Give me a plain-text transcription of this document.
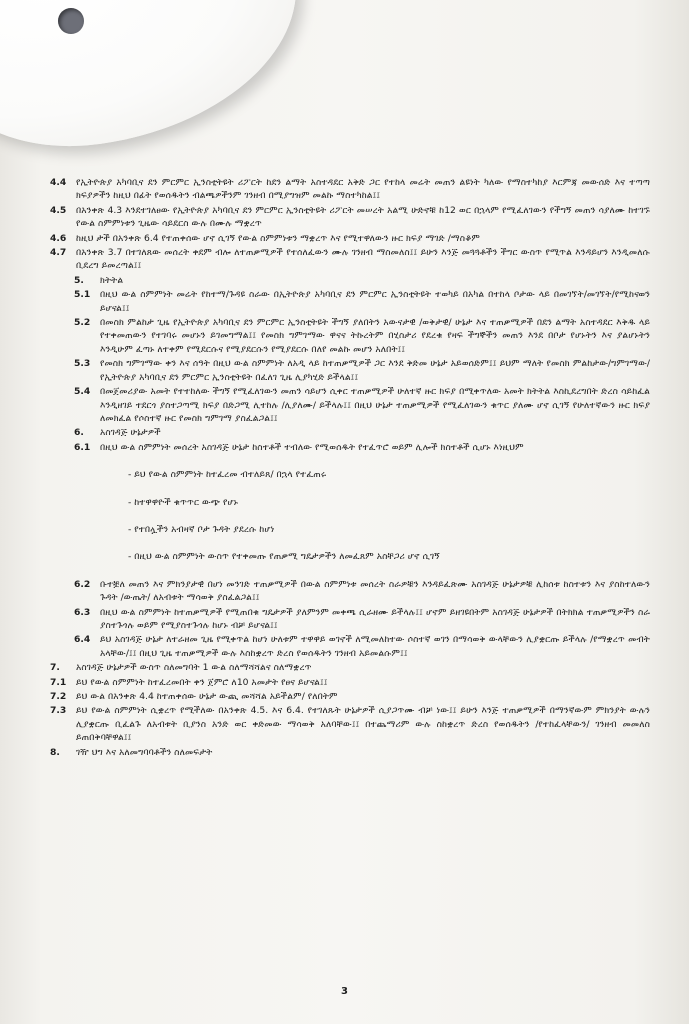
4.4	የኢትዮጵያ አካባቢና ደን ምርምር ኢንስቲትዩት ሪፖርት ከደን ልማት አስተዳደር አቅድ ጋር የተከላ መሬት መጠን ልዩነት ካለው የማስተካከያ እርምጃ መውሰድ እና ተጣጣ ክፍያዎችን ከዚህ በፊት የወሰዱትን ብልጫዎችንም ገንዘብ በሚያግዝም መልኩ ማስተካከል፤፤
4.5	በአንቀጽ 4.3 እንደተገለፀው የኢትዮጵያ አካባቢና ደን ምርምር ኢንስቲትዩት ሪፖርት መሠረት አልሚ ሁድኖቹ ከ12 ወር በኋላም የሚፈለገውን የችግኝ መጠን ሳያለሙ ከተገኙ የውል ስምምነቱን ጊዜው ሳይደርስ ውሉ በሙሉ ማቋረጥ
4.6	ከዚህ ታች በአንቀጽ 6.4 የተጠቀሰው ሆኖ ሲገኝ የውል ስምምነቱን ማቋረጥ እና የሚተዋለውን ዙር ክፍያ ማገድ /ማስቆም
4.7	በአንቀጽ 3.7 በተገለጸው መሰረት ቀደም ብሎ ለተጠቃሚዎች የተሰለፈውን ሙሉ ገንዘብ ማስመለስ፤፤ ይሁን እንጅ መጓጓቶችን ችግር ውስጥ የሚጥል እንዳይሆን እንዲመለሱ ቢደረግ ይመረጣል፤፤
5.	ክትትል
5.1	በዚህ ውል ስምምነት መሬት የከተማ/ጉዳዩ ስራው በኢትዮጵያ አካባቢና ደን ምርምር ኢንስቲትዩት ተወካይ በአካል በተከላ ቦታው ላይ በመገኘት/መገኘት/የሚከናወን ይሆናል፤፤
5.2	በመስክ ምልከታ ጊዜ የኢትዮጵያ አካባቢና ደን ምርምር ኢንስቲትዩት ችግኝ ያለበትን አውናታዊ /ወቅታዊ/ ሁኔታ እና ተጠቃሚዎች በደን ልማት አስተዳደር እቅዱ ላይ የተቀመጠውን የተገባሩ መሆኑን ይገመግማል፤፤ የመስክ ግምገማው ዋናና ትኩረትም በሂስታሪ የደረቁ የዛፍ ችግኞችን መጠን እንደ በቦታ የሆኑትን እና ያልሆኑትን እንዲሁም ፈጣኑ ለተቀም የሚደርሱና የሚያደርሱን የሚያደርሱ በለየ መልኩ መሆን አለበት፤፤
5.3	የመስክ ግምገማው ቀን እና ሰዓት በዚህ ውል ስምምነት ለአዲ ላይ ከተጠቃሚዎች ጋር እንደ ቅድመ ሁኔታ አይወሰድም፤፤ ይህም ማለት የመስክ ምልከታው/ግምገማው/ የኢትዮጵያ አካባቢና ደን ምርምር ኢንስቲትዩት በፈለገ ጊዜ ሊያካሂድ ይችላል፤፤
5.4	በመጀመሪያው አመት የተተከለው ችግኝ የሚፈለገውን መጠን ሳይሆን ሲቀር ተጠቃሚዎች ሁለተኛ ዙር ክፍያ በሚቀጥለው አመት ክትትል እስኪደረግበት ድረስ ሳይከፈል እንዲዘገይ ተደርጎ ያስተጋጣሚ ክፍያ በድጋሚ ሊተከሉ /ሊያለሙ/ ይችላሉ፤፤ በዚህ ሁኔታ ተጠቃሚዎች የሚፈለገውን ቁጥር ያለሙ ሆኖ ሲገኝ የሁለተኛውን ዙር ክፍያ ለመክፈል የሶስተኛ ዙር የመስክ ግምገማ ያስፈልጋል፤፤
6.	አስገዳጅ ሁኔታዎች
6.1	በዚህ ውል ስምምነት መሰረት አስገዳጅ ሁኔታ ከስተቶች ተብለው የሚወሰዱት የተፈጥሮ ወይም ሊሎች ክስተቶች ሲሆኑ እነዚህም
- ይህ የውል ስምምነት ከተፈረመ ብተለይጸ/ በኋላ የተፈጠሩ
- ከተዋዋዮች ቁጥጥር ውጭ የሆኑ
- የተበሏችን አብዛኛ ቦታ ጉዳት ያደረሱ ከሆነ
- በዚህ ውል ስምምነት ውስጥ የተቀመጡ የጠቃሚ ግዴታዎችን ለመፈጸም አስቸጋሪ ሆኖ ሲገኝ
6.2	ቡተቿለ መጠን እና ምክንያታዊ በሆነ መንገድ ተጠቃሚዎች በውል ስምምነቱ መሰረት ስራዎቹን እንዳይፈጽሙ አስገዳጅ ሁኔታዎቹ ሊከሰቱ ከስተቱን እና ያስከተለውን ጉዳት /ውጤት/ ለአብቱት ማሳወቅ ያስፈልጋል፤፤
6.3	በዚህ ውል ስምምነት ከተጠቃሚዎች የሚጠበቁ ግዴታዎች ያለምንም መቀጫ ሲራዘሙ ይችላሉ፤፤ ሆኖም ይዘገዩበትም አስገዳጅ ሁኔታዎች በትክክል ተጠቃሚዎችን ስራ ያስተጉጎሉ ወይም የሚያስተጉጎሉ ከሆኑ ብቻ ይሆናል፤፤
6.4	ይህ አስገዳጅ ሁኔታ ለተራዘመ ጊዜ የሚቀጥል ከሆነ ሁለቱም ተዋዋይ ወገኖች ለሚመለከተው ሶስተኛ ወገን በማሳወቅ ውላቸውን ሊያቋርጡ ይችላሉ /የማቋረጥ መብት አላቸው/፤፤ በዚህ ጊዜ ተጠቃሚዎች ውሉ እስከቋረጥ ድረስ የወሰዱትን ገንዘብ አይመልሱም፤፤
7.	አስገዳጅ ሁኔታዎች ውስጥ ስለመግባት 1 ውል ስለማሻሻልና ስለማቋረጥ
7.1	ይህ የውል ስምምነት ከተፈረመበት ቀን ጀምሮ ለ10 አመታት የፀና ይሆናል፤፤
7.2	ይህ ውል በአንቀጽ 4.4 ከተጠቀሰው ሁኔታ ውጪ መሻሻል አይችልም/ የለበትም
7.3	ይህ የውል ስምምነት ሲቋረጥ የሚችለው በአንቀጽ 4.5. እና 6.4. የተገለጹት ሁኔታዎች ሲያጋጥሙ ብቻ ነው፤፤ ይሁን እንጅ ተጠቃሚዎች በማንኛውም ምክንያት ውሉን ሊያቋርጡ ቢፈልጉ ለአብቱት ቢያንስ አንድ ወር ቀድመው ማሳወቅ አለባቸው፤፤ በተጨማሪም ውሉ ስከቋረጥ ድረስ የወሰዱትን /የተከፈላቸውን/ ገንዘብ መመለስ ይጠበቅባቸዋል፤፤
8.	ገዥ ህግ እና አለመግባባቶችን ስለመፍታት
3
